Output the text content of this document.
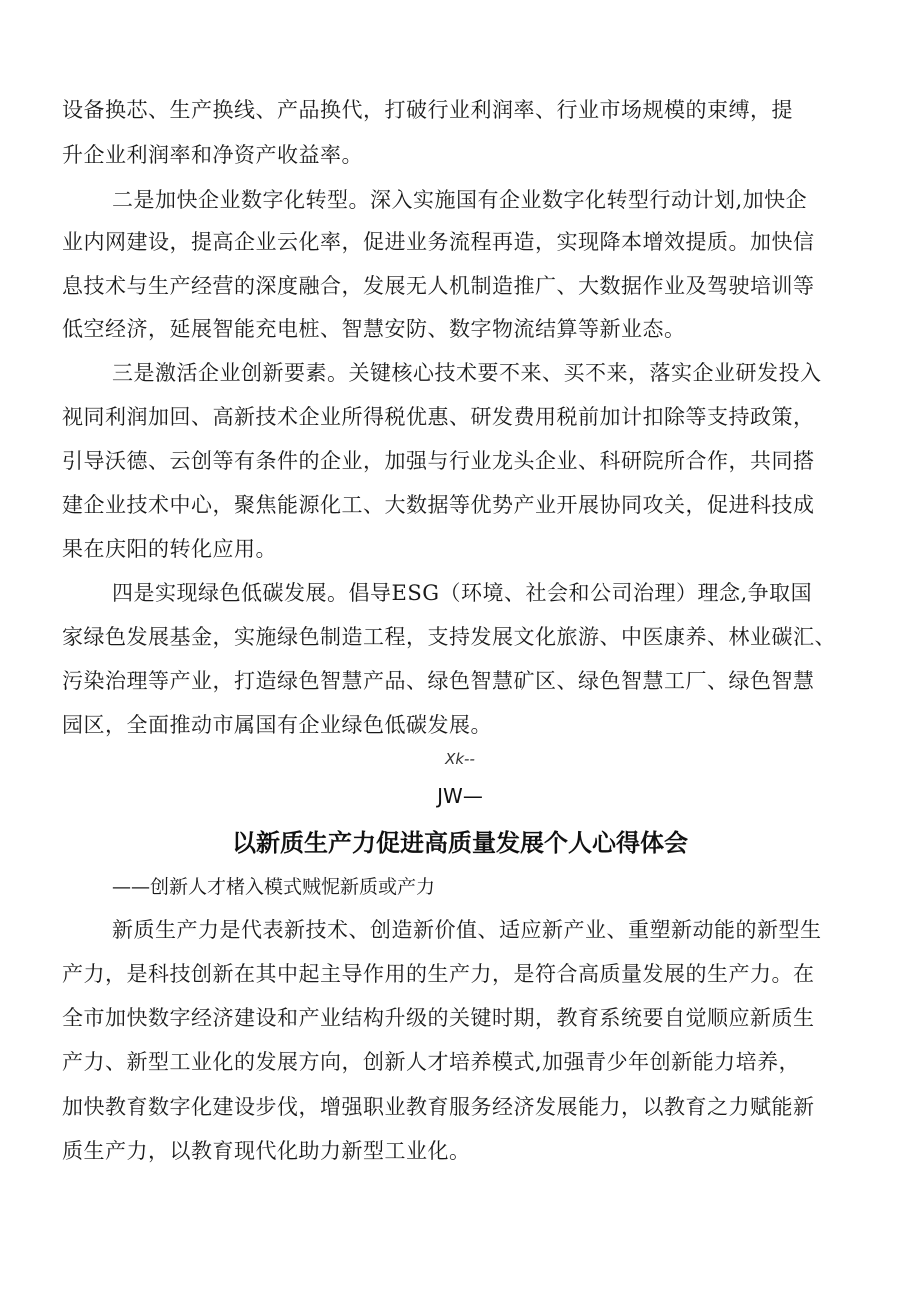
设备换芯、生产换线、产品换代，打破行业利润率、行业市场规模的束缚，提
升企业利润率和净资产收益率。
二是加快企业数字化转型。深入实施国有企业数字化转型行动计划,加快企
业内网建设，提高企业云化率，促进业务流程再造，实现降本增效提质。加快信
息技术与生产经营的深度融合，发展无人机制造推广、大数据作业及驾驶培训等
低空经济，延展智能充电桩、智慧安防、数字物流结算等新业态。
三是激活企业创新要素。关键核心技术要不来、买不来，落实企业研发投入
视同利润加回、高新技术企业所得税优惠、研发费用税前加计扣除等支持政策，
引导沃德、云创等有条件的企业，加强与行业龙头企业、科研院所合作，共同搭
建企业技术中心，聚焦能源化工、大数据等优势产业开展协同攻关，促进科技成
果在庆阳的转化应用。
四是实现绿色低碳发展。倡导ESG（环境、社会和公司治理）理念,争取国
家绿色发展基金，实施绿色制造工程，支持发展文化旅游、中医康养、林业碳汇、
污染治理等产业，打造绿色智慧产品、绿色智慧矿区、绿色智慧工厂、绿色智慧
园区，全面推动市属国有企业绿色低碳发展。
Xk--
JW—
以新质生产力促进高质量发展个人心得体会
——创新人才楮入模式贼怩新质或产力
新质生产力是代表新技术、创造新价值、适应新产业、重塑新动能的新型生
产力，是科技创新在其中起主导作用的生产力，是符合高质量发展的生产力。在
全市加快数字经济建设和产业结构升级的关键时期，教育系统要自觉顺应新质生
产力、新型工业化的发展方向，创新人才培养模式,加强青少年创新能力培养，
加快教育数字化建设步伐，增强职业教育服务经济发展能力，以教育之力赋能新
质生产力，以教育现代化助力新型工业化。
